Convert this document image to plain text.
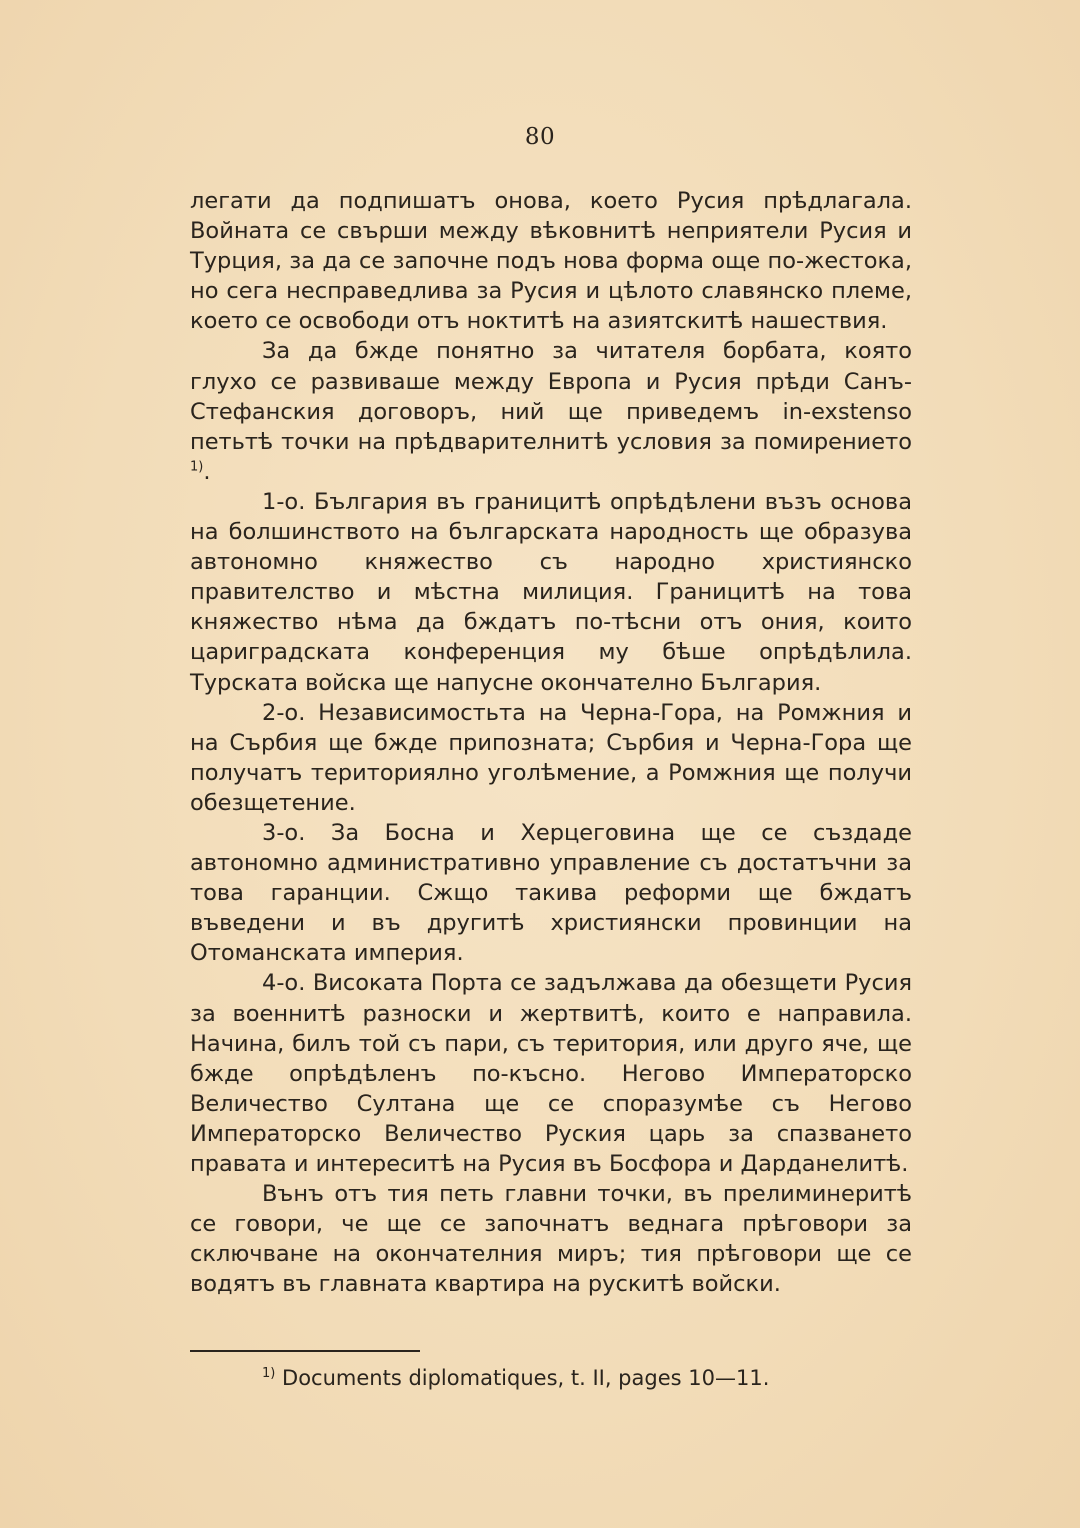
80

легати да подпишатъ онова, което Русия прѣдлагала. Войната се свърши между вѣковнитѣ неприятели Русия и Турция, за да се започне подъ нова форма още по-жестока, но сега несправедлива за Русия и цѣлото славянско племе, което се освободи отъ ноктитѣ на азиятскитѣ нашествия.

За да бжде понятно за читателя борбата, която глухо се развиваше между Европа и Русия прѣди Санъ-Стефанския договоръ, ний ще приведемъ in-exstenso петьтѣ точки на прѣдварителнитѣ условия за помирението $^{1)}$.

1-о. България въ границитѣ опрѣдѣлени възъ основа на болшинството на българската народность ще образува автономно княжество съ народно християнско правителство и мѣстна милиция. Границитѣ на това княжество нѣма да бждатъ по-тѣсни отъ ония, които цариградската конференция му бѣше опрѣдѣлила. Турската войска ще напусне окончателно България.

2-о. Независимостьта на Черна-Гора, на Ромжния и на Сърбия ще бжде припозната; Сърбия и Черна-Гора ще получатъ териториялно уголѣмение, а Ромжния ще получи обезщетение.

3-о. За Босна и Херцеговина ще се създаде автономно административно управление съ достатъчни за това гаранции. Сжщо такива реформи ще бждатъ въведени и въ другитѣ християнски провинции на Отоманската империя.

4-о. Високата Порта се задължава да обезщети Русия за военнитѣ разноски и жертвитѣ, които е направила. Начина, билъ той съ пари, съ територия, или друго яче, ще бжде опрѣдѣленъ по-късно. Негово Императорско Величество Султана ще се споразумѣе съ Негово Императорско Величество Руския царь за спазването правата и интереситѣ на Русия въ Босфора и Дарданелитѣ.

Вънъ отъ тия петь главни точки, въ прелиминеритѣ се говори, че ще се започнатъ веднага прѣговори за сключване на окончателния миръ; тия прѣговори ще се водятъ въ главната квартира на рускитѣ войски.

$^{1)}$ Documents diplomatiques, t. II, pages 10—11.
